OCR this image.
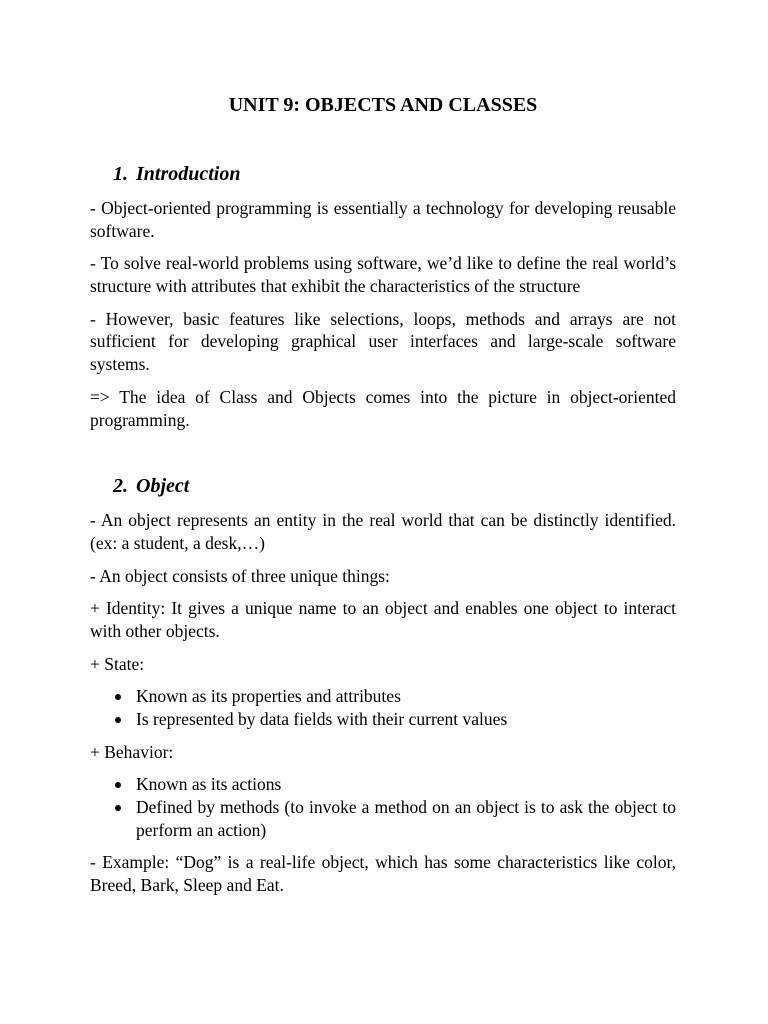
UNIT 9: OBJECTS AND CLASSES
1. Introduction
- Object-oriented programming is essentially a technology for developing reusable
software.
- To solve real-world problems using software, we’d like to define the real world’s
structure with attributes that exhibit the characteristics of the structure
- However, basic features like selections, loops, methods and arrays are not
sufficient for developing graphical user interfaces and large-scale software
systems.
=> The idea of Class and Objects comes into the picture in object-oriented
programming.
2. Object
- An object represents an entity in the real world that can be distinctly identified.
(ex: a student, a desk,…)
- An object consists of three unique things:
+ Identity: It gives a unique name to an object and enables one object to interact
with other objects.
+ State:
Known as its properties and attributes
Is represented by data fields with their current values
+ Behavior:
Known as its actions
Defined by methods (to invoke a method on an object is to ask the object to
perform an action)
- Example: “Dog” is a real-life object, which has some characteristics like color,
Breed, Bark, Sleep and Eat.
